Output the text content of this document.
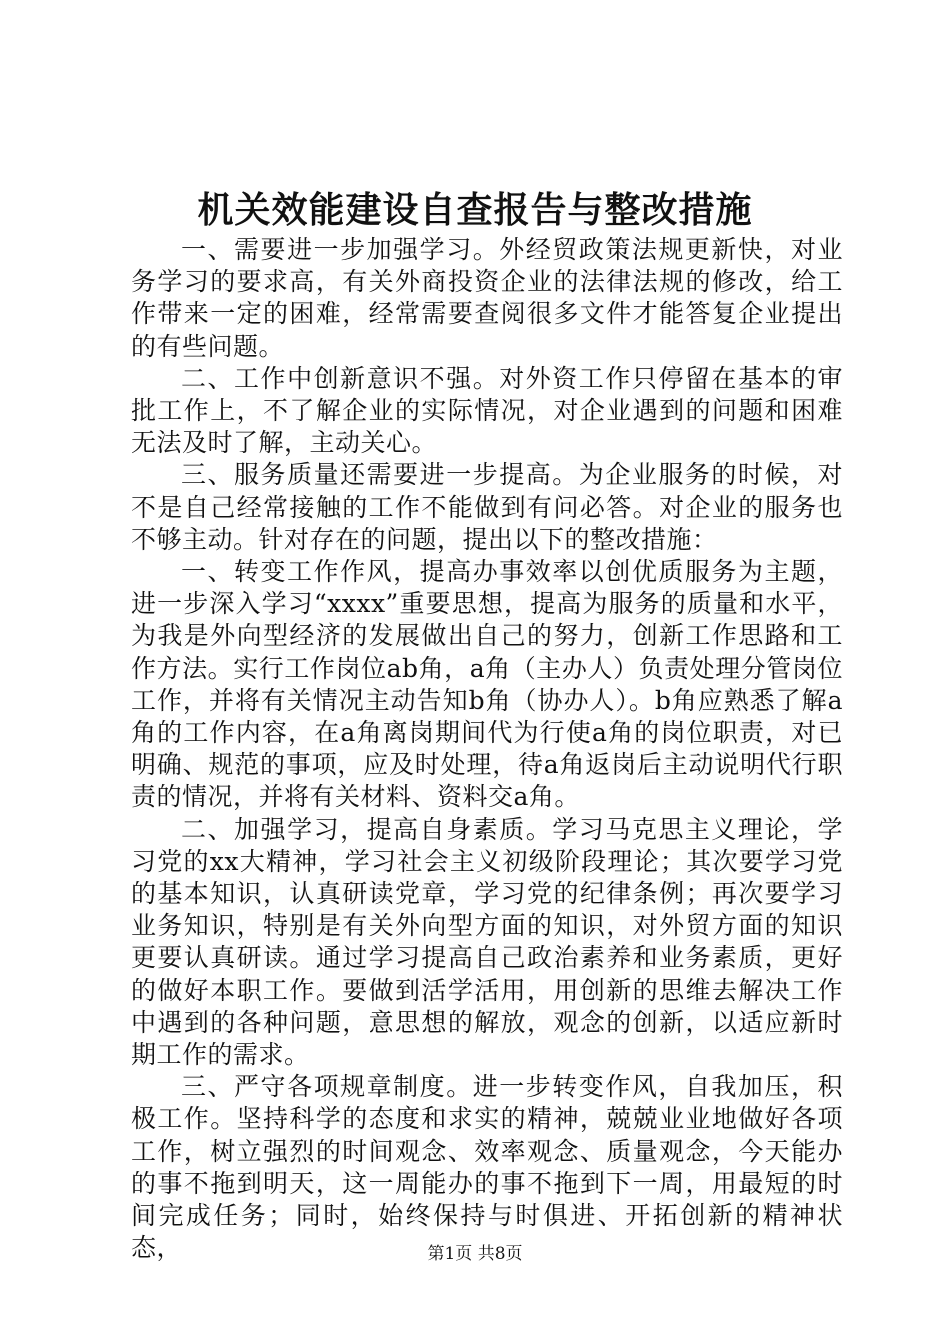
机关效能建设自查报告与整改措施

一、需要进一步加强学习。外经贸政策法规更新快，对业务学习的要求高，有关外商投资企业的法律法规的修改，给工作带来一定的困难，经常需要查阅很多文件才能答复企业提出的有些问题。

二、工作中创新意识不强。对外资工作只停留在基本的审批工作上，不了解企业的实际情况，对企业遇到的问题和困难无法及时了解，主动关心。

三、服务质量还需要进一步提高。为企业服务的时候，对不是自己经常接触的工作不能做到有问必答。对企业的服务也不够主动。针对存在的问题，提出以下的整改措施：

一、转变工作作风，提高办事效率以创优质服务为主题，进一步深入学习“xxxx”重要思想，提高为服务的质量和水平，为我是外向型经济的发展做出自己的努力，创新工作思路和工作方法。实行工作岗位ab角，a角（主办人）负责处理分管岗位工作，并将有关情况主动告知b角（协办人）。b角应熟悉了解a角的工作内容，在a角离岗期间代为行使a角的岗位职责，对已明确、规范的事项，应及时处理，待a角返岗后主动说明代行职责的情况，并将有关材料、资料交a角。

二、加强学习，提高自身素质。学习马克思主义理论，学习党的xx大精神，学习社会主义初级阶段理论；其次要学习党的基本知识，认真研读党章，学习党的纪律条例；再次要学习业务知识，特别是有关外向型方面的知识，对外贸方面的知识更要认真研读。通过学习提高自己政治素养和业务素质，更好的做好本职工作。要做到活学活用，用创新的思维去解决工作中遇到的各种问题，意思想的解放，观念的创新，以适应新时期工作的需求。

三、严守各项规章制度。进一步转变作风，自我加压，积极工作。坚持科学的态度和求实的精神，兢兢业业地做好各项工作，树立强烈的时间观念、效率观念、质量观念，今天能办的事不拖到明天，这一周能办的事不拖到下一周，用最短的时间完成任务；同时，始终保持与时俱进、开拓创新的精神状态，	第1页 共8页
